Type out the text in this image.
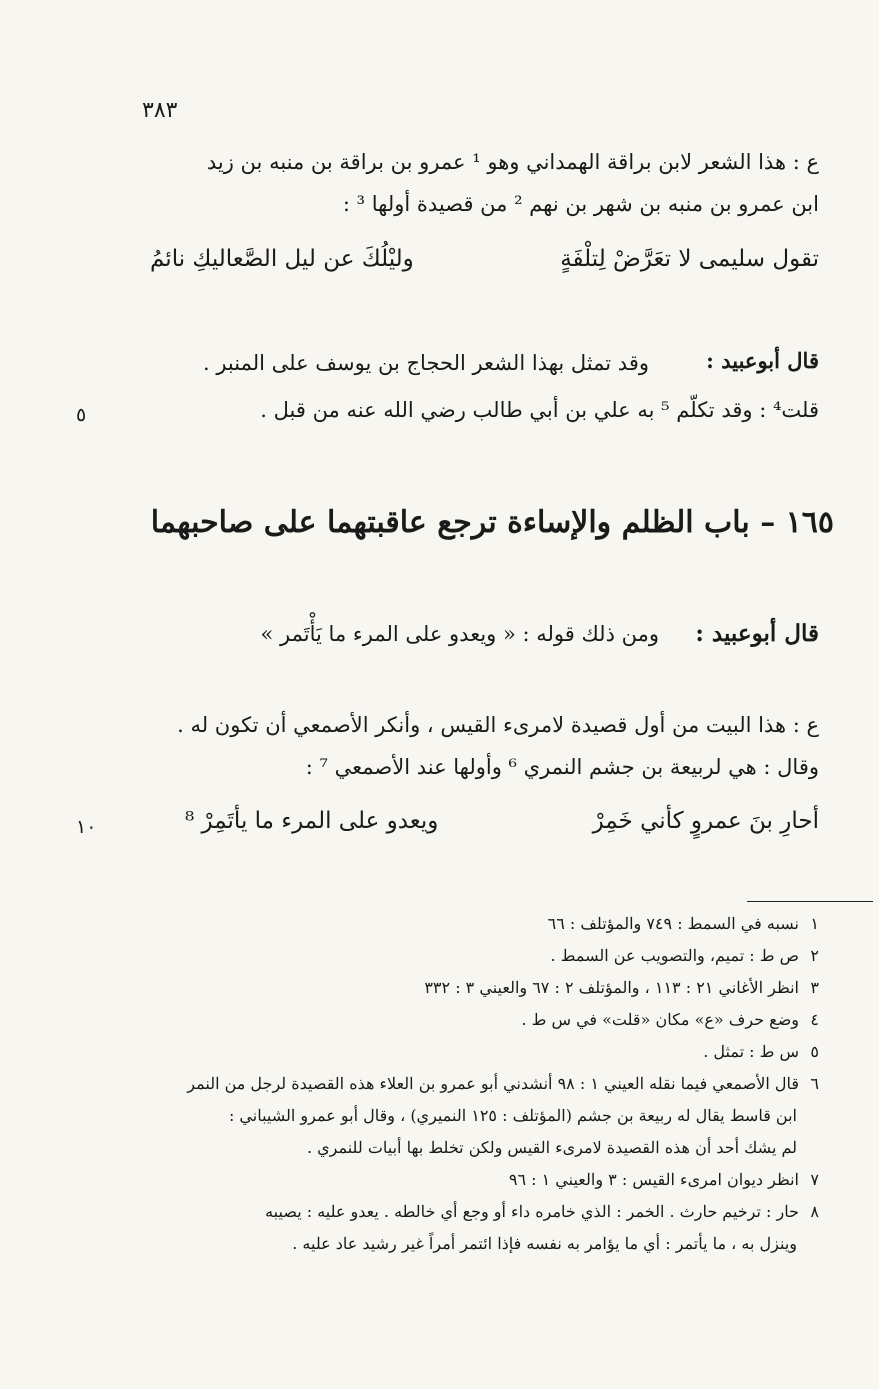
٣٨٣
ع : هذا الشعر لابن براقة الهمداني وهو ¹ عمرو بن براقة بن منبه بن زيد
ابن عمرو بن منبه بن شهر بن نهم ² من قصيدة أولها ³ :
تقول سليمى لا تعَرَّضْ لِتلْفَةٍ
وليْلُكَ عن ليل الصَّعاليكِ نائمُ
قال أبوعبيد :
وقد تمثل بهذا الشعر الحجاج بن يوسف على المنبر .
قلت⁴ : وقد تكلّم ⁵ به علي بن أبي طالب رضي الله عنه من قبل .
٥
١٦٥ – باب الظلم والإساءة ترجع عاقبتهما على صاحبهما
قال أبوعبيد :
ومن ذلك قوله : « ويعدو على المرء ما يَأْتَمر »
ع : هذا البيت من أول قصيدة لامرىء القيس ، وأنكر الأصمعي أن تكون له .
وقال : هي لربيعة بن جشم النمري ⁶ وأولها عند الأصمعي ⁷ :
أحارِ بنَ عمروٍ كأني خَمِرْ
ويعدو على المرء ما يأتَمِرْ ⁸
١٠
١نسبه في السمط : ٧٤٩ والمؤتلف : ٦٦
٢ص ط : تميم، والتصويب عن السمط .
٣انظر الأغاني ٢١ : ١١٣ ، والمؤتلف ٢ : ٦٧ والعيني ٣ : ٣٣٢
٤وضع حرف «ع» مكان «قلت» في س ط .
٥س ط : تمثل .
٦قال الأصمعي فيما نقله العيني ١ : ٩٨ أنشدني أبو عمرو بن العلاء هذه القصيدة لرجل من النمر
ابن قاسط يقال له ربيعة بن جشم (المؤتلف : ١٢٥ النميري) ، وقال أبو عمرو الشيباني :
لم يشك أحد أن هذه القصيدة لامرىء القيس ولكن تخلط بها أبيات للنمري .
٧انظر ديوان امرىء القيس : ٣ والعيني ١ : ٩٦
٨حار : ترخيم حارث . الخمر : الذي خامره داء أو وجع أي خالطه . يعدو عليه : يصيبه
وينزل به ، ما يأتمر : أي ما يؤامر به نفسه فإذا ائتمر أمراً غير رشيد عاد عليه .
